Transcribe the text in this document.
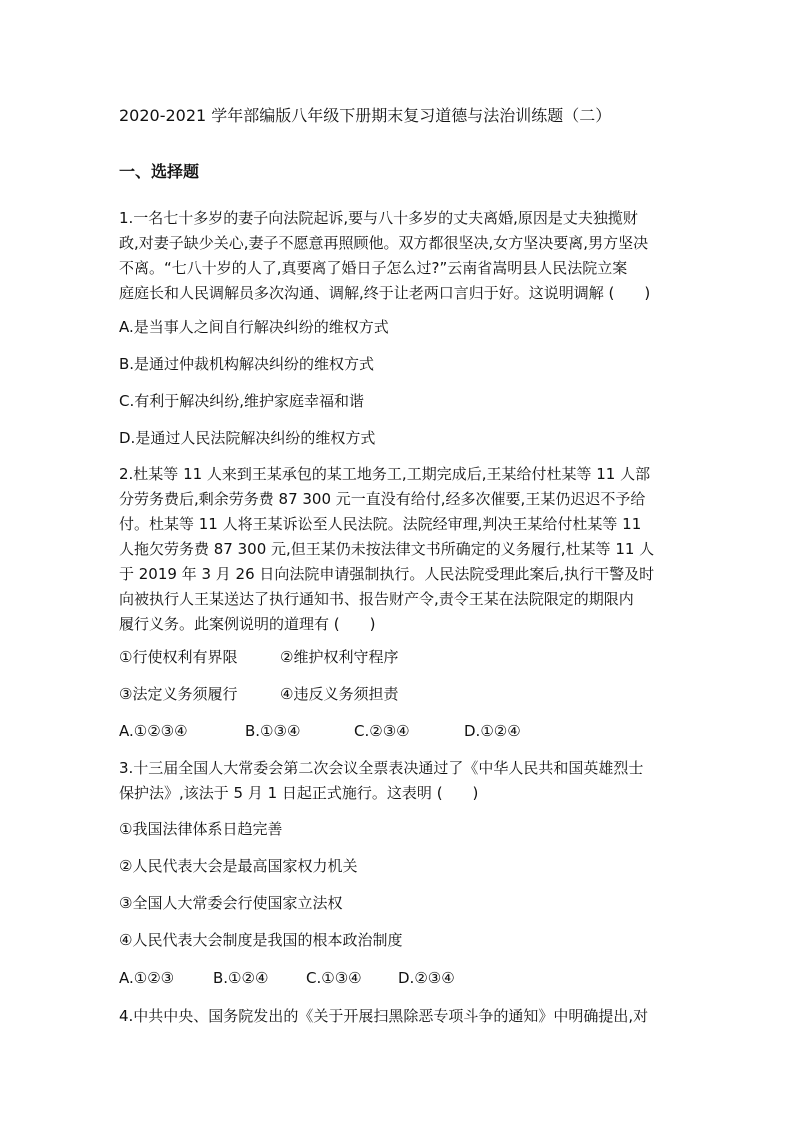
2020-2021 学年部编版八年级下册期末复习道德与法治训练题（二）
一、选择题
1.一名七十多岁的妻子向法院起诉,要与八十多岁的丈夫离婚,原因是丈夫独揽财
政,对妻子缺少关心,妻子不愿意再照顾他。双方都很坚决,女方坚决要离,男方坚决
不离。“七八十岁的人了,真要离了婚日子怎么过?”云南省嵩明县人民法院立案
庭庭长和人民调解员多次沟通、调解,终于让老两口言归于好。这说明调解 (　　)
A.是当事人之间自行解决纠纷的维权方式
B.是通过仲裁机构解决纠纷的维权方式
C.有利于解决纠纷,维护家庭幸福和谐
D.是通过人民法院解决纠纷的维权方式
2.杜某等 11 人来到王某承包的某工地务工,工期完成后,王某给付杜某等 11 人部
分劳务费后,剩余劳务费 87 300 元一直没有给付,经多次催要,王某仍迟迟不予给
付。杜某等 11 人将王某诉讼至人民法院。法院经审理,判决王某给付杜某等 11
人拖欠劳务费 87 300 元,但王某仍未按法律文书所确定的义务履行,杜某等 11 人
于 2019 年 3 月 26 日向法院申请强制执行。人民法院受理此案后,执行干警及时
向被执行人王某送达了执行通知书、报告财产令,责令王某在法院限定的期限内
履行义务。此案例说明的道理有 (　　)
①行使权利有界限	②维护权利守程序
③法定义务须履行	④违反义务须担责
A.①②③④	B.①③④	C.②③④	D.①②④
3.十三届全国人大常委会第二次会议全票表决通过了《中华人民共和国英雄烈士
保护法》,该法于 5 月 1 日起正式施行。这表明 (　　)
①我国法律体系日趋完善
②人民代表大会是最高国家权力机关
③全国人大常委会行使国家立法权
④人民代表大会制度是我国的根本政治制度
A.①②③	B.①②④	C.①③④	D.②③④
4.中共中央、国务院发出的《关于开展扫黑除恶专项斗争的通知》中明确提出,对
